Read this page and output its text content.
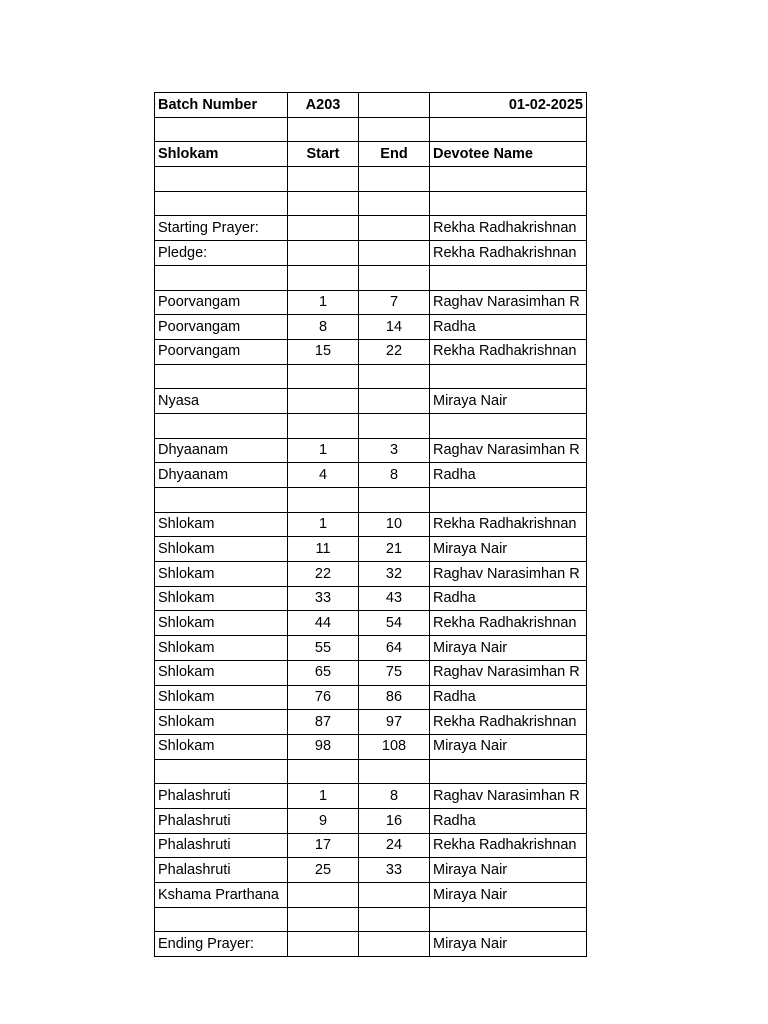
Batch Number	A203		01-02-2025

Shlokam	Start	End	Devotee Name

Starting Prayer:			Rekha Radhakrishnan
Pledge:			Rekha Radhakrishnan

Poorvangam	1	7	Raghav Narasimhan R
Poorvangam	8	14	Radha
Poorvangam	15	22	Rekha Radhakrishnan

Nyasa			Miraya Nair

Dhyaanam	1	3	Raghav Narasimhan R
Dhyaanam	4	8	Radha

Shlokam	1	10	Rekha Radhakrishnan
Shlokam	11	21	Miraya Nair
Shlokam	22	32	Raghav Narasimhan R
Shlokam	33	43	Radha
Shlokam	44	54	Rekha Radhakrishnan
Shlokam	55	64	Miraya Nair
Shlokam	65	75	Raghav Narasimhan R
Shlokam	76	86	Radha
Shlokam	87	97	Rekha Radhakrishnan
Shlokam	98	108	Miraya Nair

Phalashruti	1	8	Raghav Narasimhan R
Phalashruti	9	16	Radha
Phalashruti	17	24	Rekha Radhakrishnan
Phalashruti	25	33	Miraya Nair
Kshama Prarthana			Miraya Nair

Ending Prayer:			Miraya Nair
